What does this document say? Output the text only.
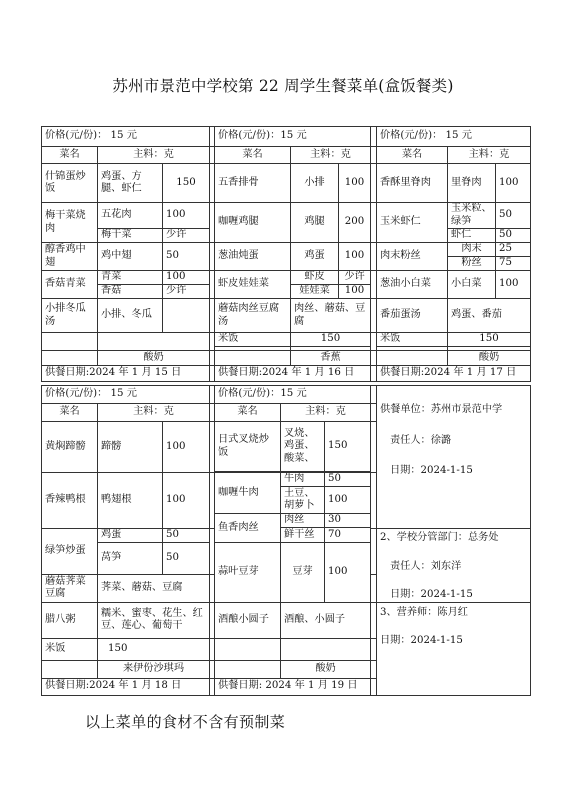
苏州市景范中学校第 22 周学生餐菜单(盒饭餐类)
价格(元/份)： 15 元				价格(元/份)：15 元				价格(元/份)： 15 元		
菜名	主料：克			菜名	主料：克			菜名	主料：克	
什锦蛋炒饭	鸡蛋、方腿、虾仁	150		五香排骨	小排	100		香酥里脊肉	里脊肉	100

梅干菜烧肉	五花肉	100		咖喱鸡腿	鸡腿	200		玉米虾仁	玉米粒、绿笋	50
	梅干菜	少许							虾仁	50
醇香鸡中翅	鸡中翅	50		葱油炖蛋	鸡蛋	100		肉末粉丝	肉末	25
									粉丝	75
香菇青菜	青菜	100		虾皮娃娃菜	虾皮	少许		葱油小白菜	小白菜	100
	香菇	少许			娃娃菜	100				
小排冬瓜汤	小排、冬瓜			蘑菇肉丝豆腐汤	肉丝、蘑菇、豆腐			番茄蛋汤	鸡蛋、番茄	
				米饭	150			米饭	150	

	酸奶				香蕉				酸奶	
供餐日期:2024 年 1 月 15 日				供餐日期:2024 年 1 月 16 日				供餐日期:2024 年 1 月 17 日		
价格(元/份)： 15 元				价格(元/份)：15 元				供餐单位：苏州市景范中学
责任人：徐潞
日期：2024-1-15

菜名	主料：克			菜名	主料：克			
黄焖蹄髈	蹄髈	100		日式叉烧炒饭	叉烧、鸡蛋、酸菜、	150		

香辣鸭根	鸭翅根	100		咖喱牛肉	牛肉	50		
					土豆、胡萝卜	100		
				鱼香肉丝	肉丝	30		
					鲜干丝	70		
绿笋炒蛋	鸡蛋	50						2、学校分管部门：总务处
责任人：刘东洋
日期：2024-1-15

	莴笋	50		蒜叶豆芽	豆芽	100		
蘑菇荠菜豆腐	荠菜、蘑菇、豆腐							
腊八粥	糯米、蜜枣、花生、红豆、莲心、葡萄干			酒酿小圆子	酒酿、小圆子			3、营养师：陈月红
日期：2024-1-15

米饭	150							
	来伊份沙琪玛				酸奶			
供餐日期:2024 年 1 月 18 日				供餐日期: 2024 年 1 月 19 日				
以上菜单的食材不含有预制菜
